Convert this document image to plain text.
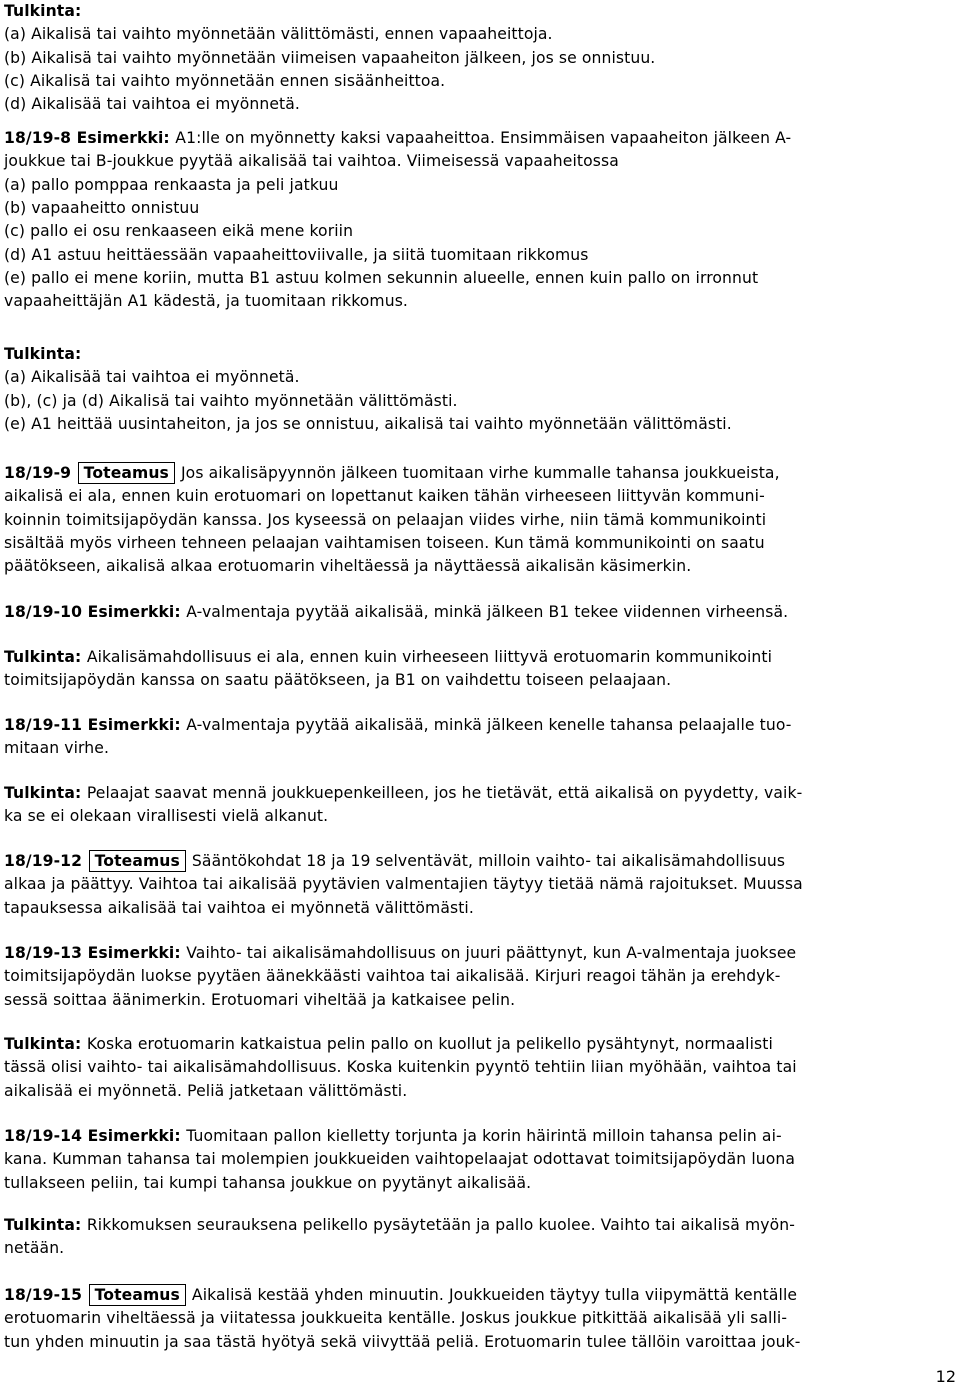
Tulkinta:
(a) Aikalisä tai vaihto myönnetään välittömästi, ennen vapaaheittoja.
(b) Aikalisä tai vaihto myönnetään viimeisen vapaaheiton jälkeen, jos se onnistuu.
(c) Aikalisä tai vaihto myönnetään ennen sisäänheittoa.
(d) Aikalisää tai vaihtoa ei myönnetä.
18/19-8 Esimerkki: A1:lle on myönnetty kaksi vapaaheittoa. Ensimmäisen vapaaheiton jälkeen A-
joukkue tai B-joukkue pyytää aikalisää tai vaihtoa. Viimeisessä vapaaheitossa
(a) pallo pomppaa renkaasta ja peli jatkuu
(b) vapaaheitto onnistuu
(c) pallo ei osu renkaaseen eikä mene koriin
(d) A1 astuu heittäessään vapaaheittoviivalle, ja siitä tuomitaan rikkomus
(e) pallo ei mene koriin, mutta B1 astuu kolmen sekunnin alueelle, ennen kuin pallo on irronnut
vapaaheittäjän A1 kädestä, ja tuomitaan rikkomus.
Tulkinta:
(a) Aikalisää tai vaihtoa ei myönnetä.
(b), (c) ja (d) Aikalisä tai vaihto myönnetään välittömästi.
(e) A1 heittää uusintaheiton, ja jos se onnistuu, aikalisä tai vaihto myönnetään välittömästi.
18/19-9 Toteamus Jos aikalisäpyynnön jälkeen tuomitaan virhe kummalle tahansa joukkueista,
aikalisä ei ala, ennen kuin erotuomari on lopettanut kaiken tähän virheeseen liittyvän kommuni-
koinnin toimitsijapöydän kanssa. Jos kyseessä on pelaajan viides virhe, niin tämä kommunikointi
sisältää myös virheen tehneen pelaajan vaihtamisen toiseen. Kun tämä kommunikointi on saatu
päätökseen, aikalisä alkaa erotuomarin viheltäessä ja näyttäessä aikalisän käsimerkin.
18/19-10 Esimerkki: A-valmentaja pyytää aikalisää, minkä jälkeen B1 tekee viidennen virheensä.
Tulkinta: Aikalisämahdollisuus ei ala, ennen kuin virheeseen liittyvä erotuomarin kommunikointi
toimitsijapöydän kanssa on saatu päätökseen, ja B1 on vaihdettu toiseen pelaajaan.
18/19-11 Esimerkki: A-valmentaja pyytää aikalisää, minkä jälkeen kenelle tahansa pelaajalle tuo-
mitaan virhe.
Tulkinta: Pelaajat saavat mennä joukkuepenkeilleen, jos he tietävät, että aikalisä on pyydetty, vaik-
ka se ei olekaan virallisesti vielä alkanut.
18/19-12 Toteamus Sääntökohdat 18 ja 19 selventävät, milloin vaihto- tai aikalisämahdollisuus
alkaa ja päättyy. Vaihtoa tai aikalisää pyytävien valmentajien täytyy tietää nämä rajoitukset. Muussa
tapauksessa aikalisää tai vaihtoa ei myönnetä välittömästi.
18/19-13 Esimerkki: Vaihto- tai aikalisämahdollisuus on juuri päättynyt, kun A-valmentaja juoksee
toimitsijapöydän luokse pyytäen äänekkäästi vaihtoa tai aikalisää. Kirjuri reagoi tähän ja erehdyk-
sessä soittaa äänimerkin. Erotuomari viheltää ja katkaisee pelin.
Tulkinta: Koska erotuomarin katkaistua pelin pallo on kuollut ja pelikello pysähtynyt, normaalisti
tässä olisi vaihto- tai aikalisämahdollisuus. Koska kuitenkin pyyntö tehtiin liian myöhään, vaihtoa tai
aikalisää ei myönnetä. Peliä jatketaan välittömästi.
18/19-14 Esimerkki: Tuomitaan pallon kielletty torjunta ja korin häirintä milloin tahansa pelin ai-
kana. Kumman tahansa tai molempien joukkueiden vaihtopelaajat odottavat toimitsijapöydän luona
tullakseen peliin, tai kumpi tahansa joukkue on pyytänyt aikalisää.
Tulkinta: Rikkomuksen seurauksena pelikello pysäytetään ja pallo kuolee. Vaihto tai aikalisä myön-
netään.
18/19-15 Toteamus Aikalisä kestää yhden minuutin. Joukkueiden täytyy tulla viipymättä kentälle
erotuomarin viheltäessä ja viitatessa joukkueita kentälle. Joskus joukkue pitkittää aikalisää yli salli-
tun yhden minuutin ja saa tästä hyötyä sekä viivyttää peliä. Erotuomarin tulee tällöin varoittaa jouk-
12
